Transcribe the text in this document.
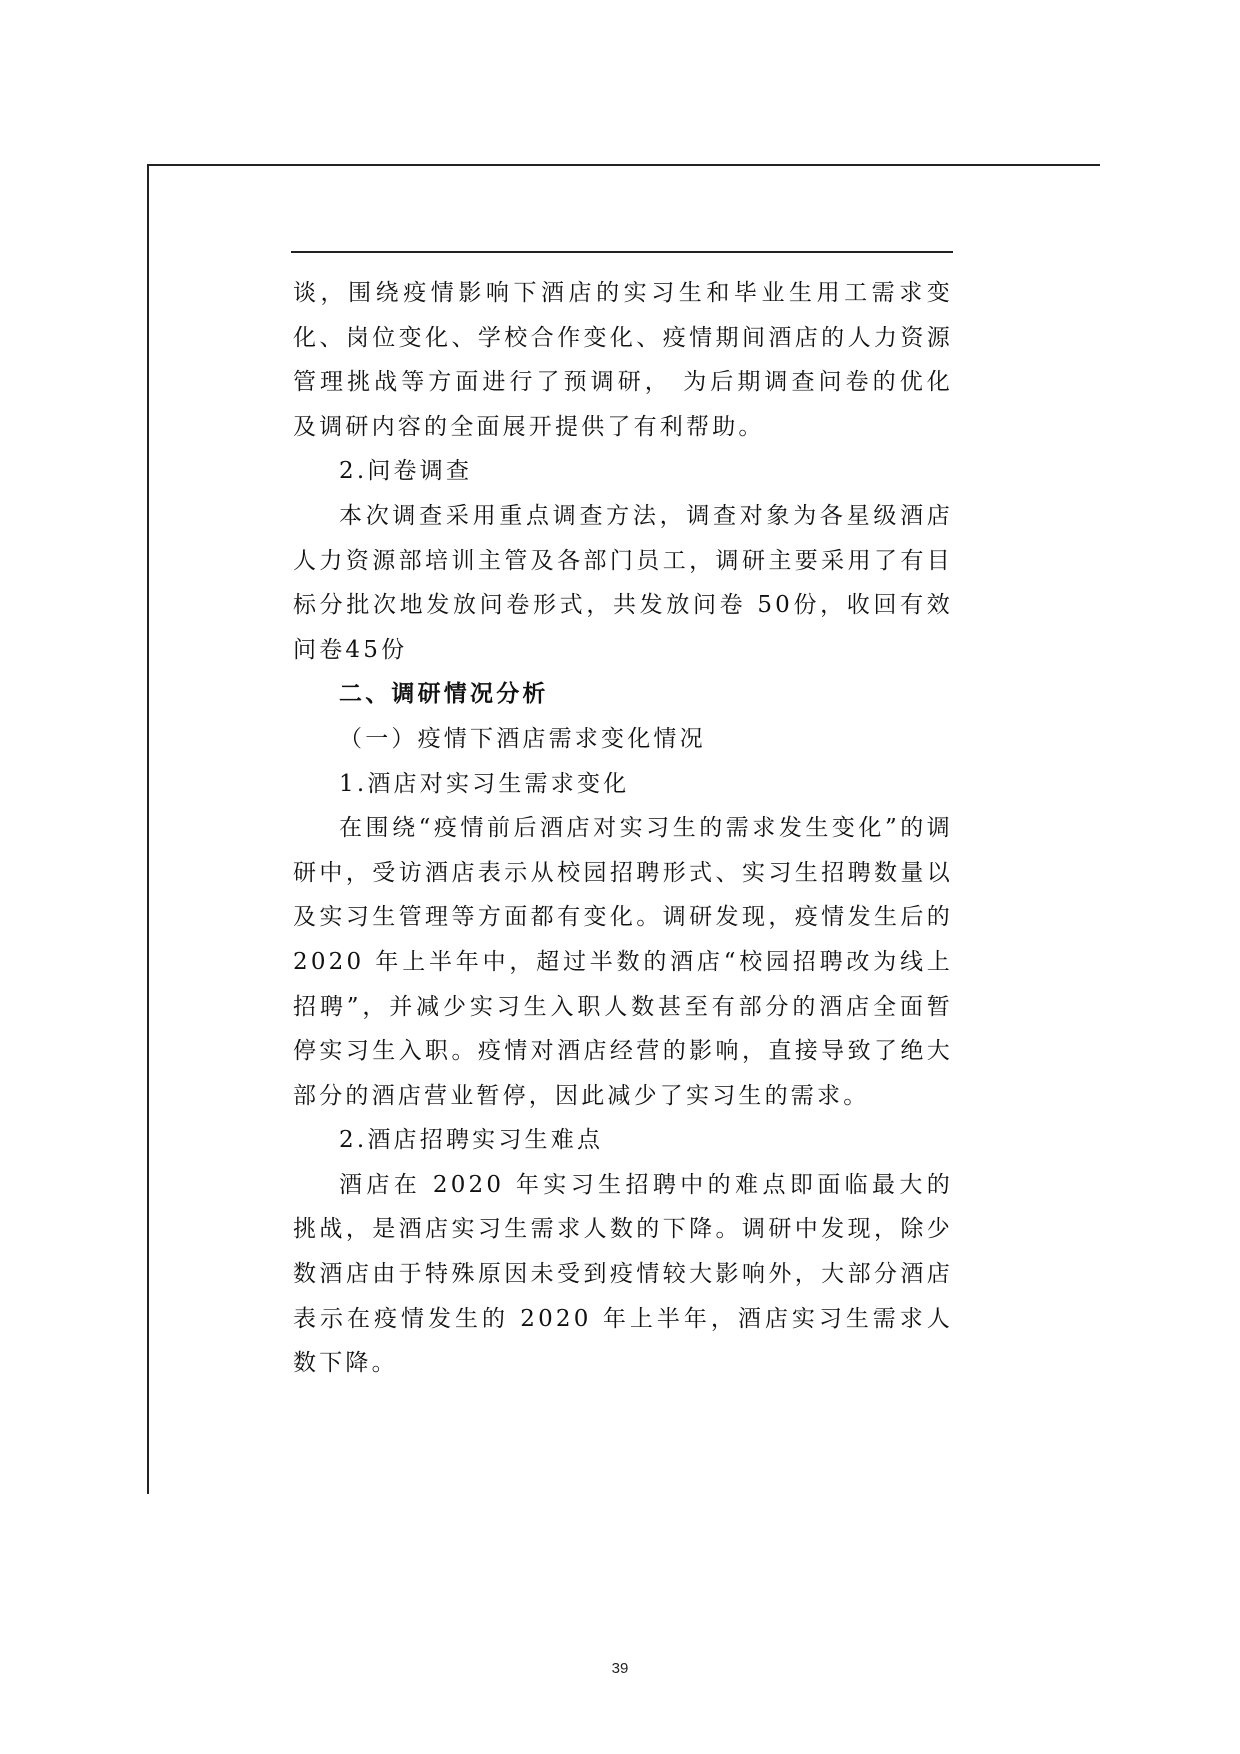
谈，围绕疫情影响下酒店的实习生和毕业生用工需求变化、岗位变化、学校合作变化、疫情期间酒店的人力资源管理挑战等方面进行了预调研， 为后期调查问卷的优化及调研内容的全面展开提供了有利帮助。

2.问卷调查

本次调查采用重点调查方法，调查对象为各星级酒店人力资源部培训主管及各部门员工，调研主要采用了有目标分批次地发放问卷形式，共发放问卷 50份，收回有效问卷45份

二、调研情况分析

（一）疫情下酒店需求变化情况

1.酒店对实习生需求变化

在围绕“疫情前后酒店对实习生的需求发生变化”的调研中，受访酒店表示从校园招聘形式、实习生招聘数量以及实习生管理等方面都有变化。调研发现，疫情发生后的2020 年上半年中，超过半数的酒店“校园招聘改为线上招聘”，并减少实习生入职人数甚至有部分的酒店全面暂停实习生入职。疫情对酒店经营的影响，直接导致了绝大部分的酒店营业暂停，因此减少了实习生的需求。

2.酒店招聘实习生难点

酒店在 2020 年实习生招聘中的难点即面临最大的挑战，是酒店实习生需求人数的下降。调研中发现，除少数酒店由于特殊原因未受到疫情较大影响外，大部分酒店表示在疫情发生的 2020 年上半年，酒店实习生需求人数下降。

39
